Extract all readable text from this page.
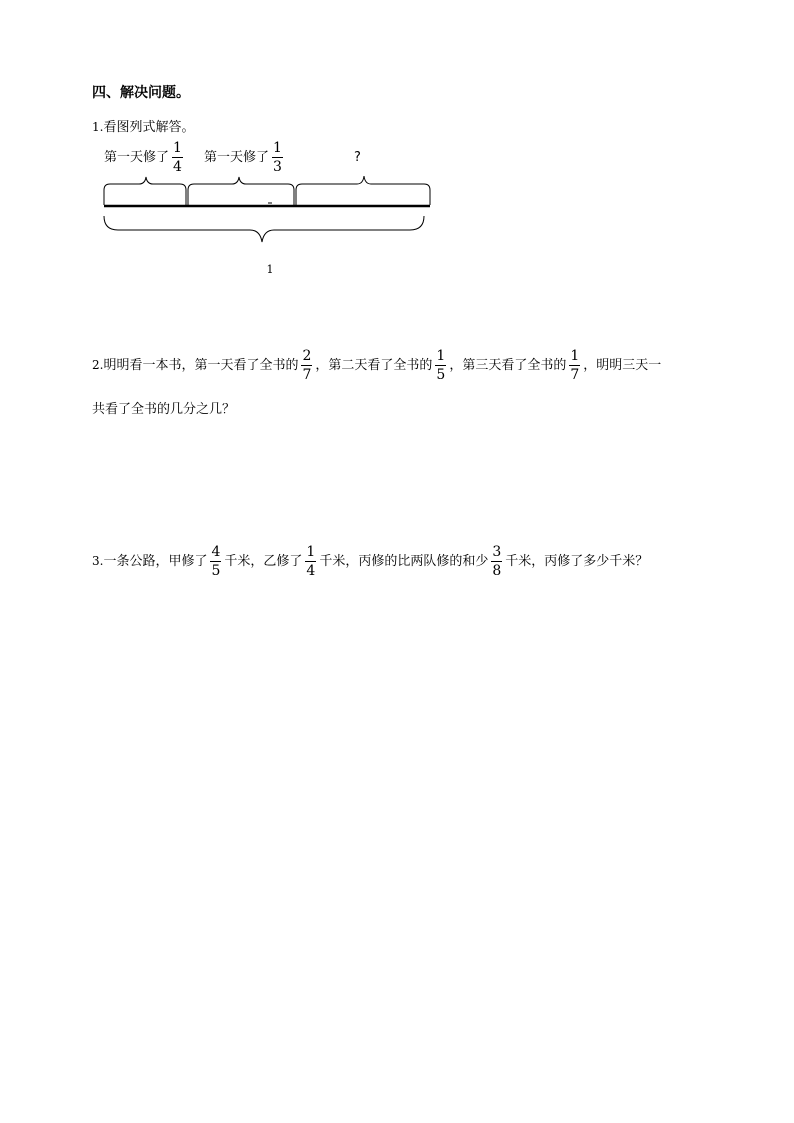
四、解决问题。
1.看图列式解答。
第一天修了 $\frac{1}{4}$ 第一天修了 $\frac{1}{3}$	?
1
2.明明看一本书，第一天看了全书的 $\frac{2}{7}$ ，第二天看了全书的 $\frac{1}{5}$ ，第三天看了全书的 $\frac{1}{7}$ ，明明三天一
共看了全书的几分之几？
3.一条公路，甲修了 $\frac{4}{5}$ 千米，乙修了 $\frac{1}{4}$ 千米，丙修的比两队修的和少 $\frac{3}{8}$ 千米，丙修了多少千米？
